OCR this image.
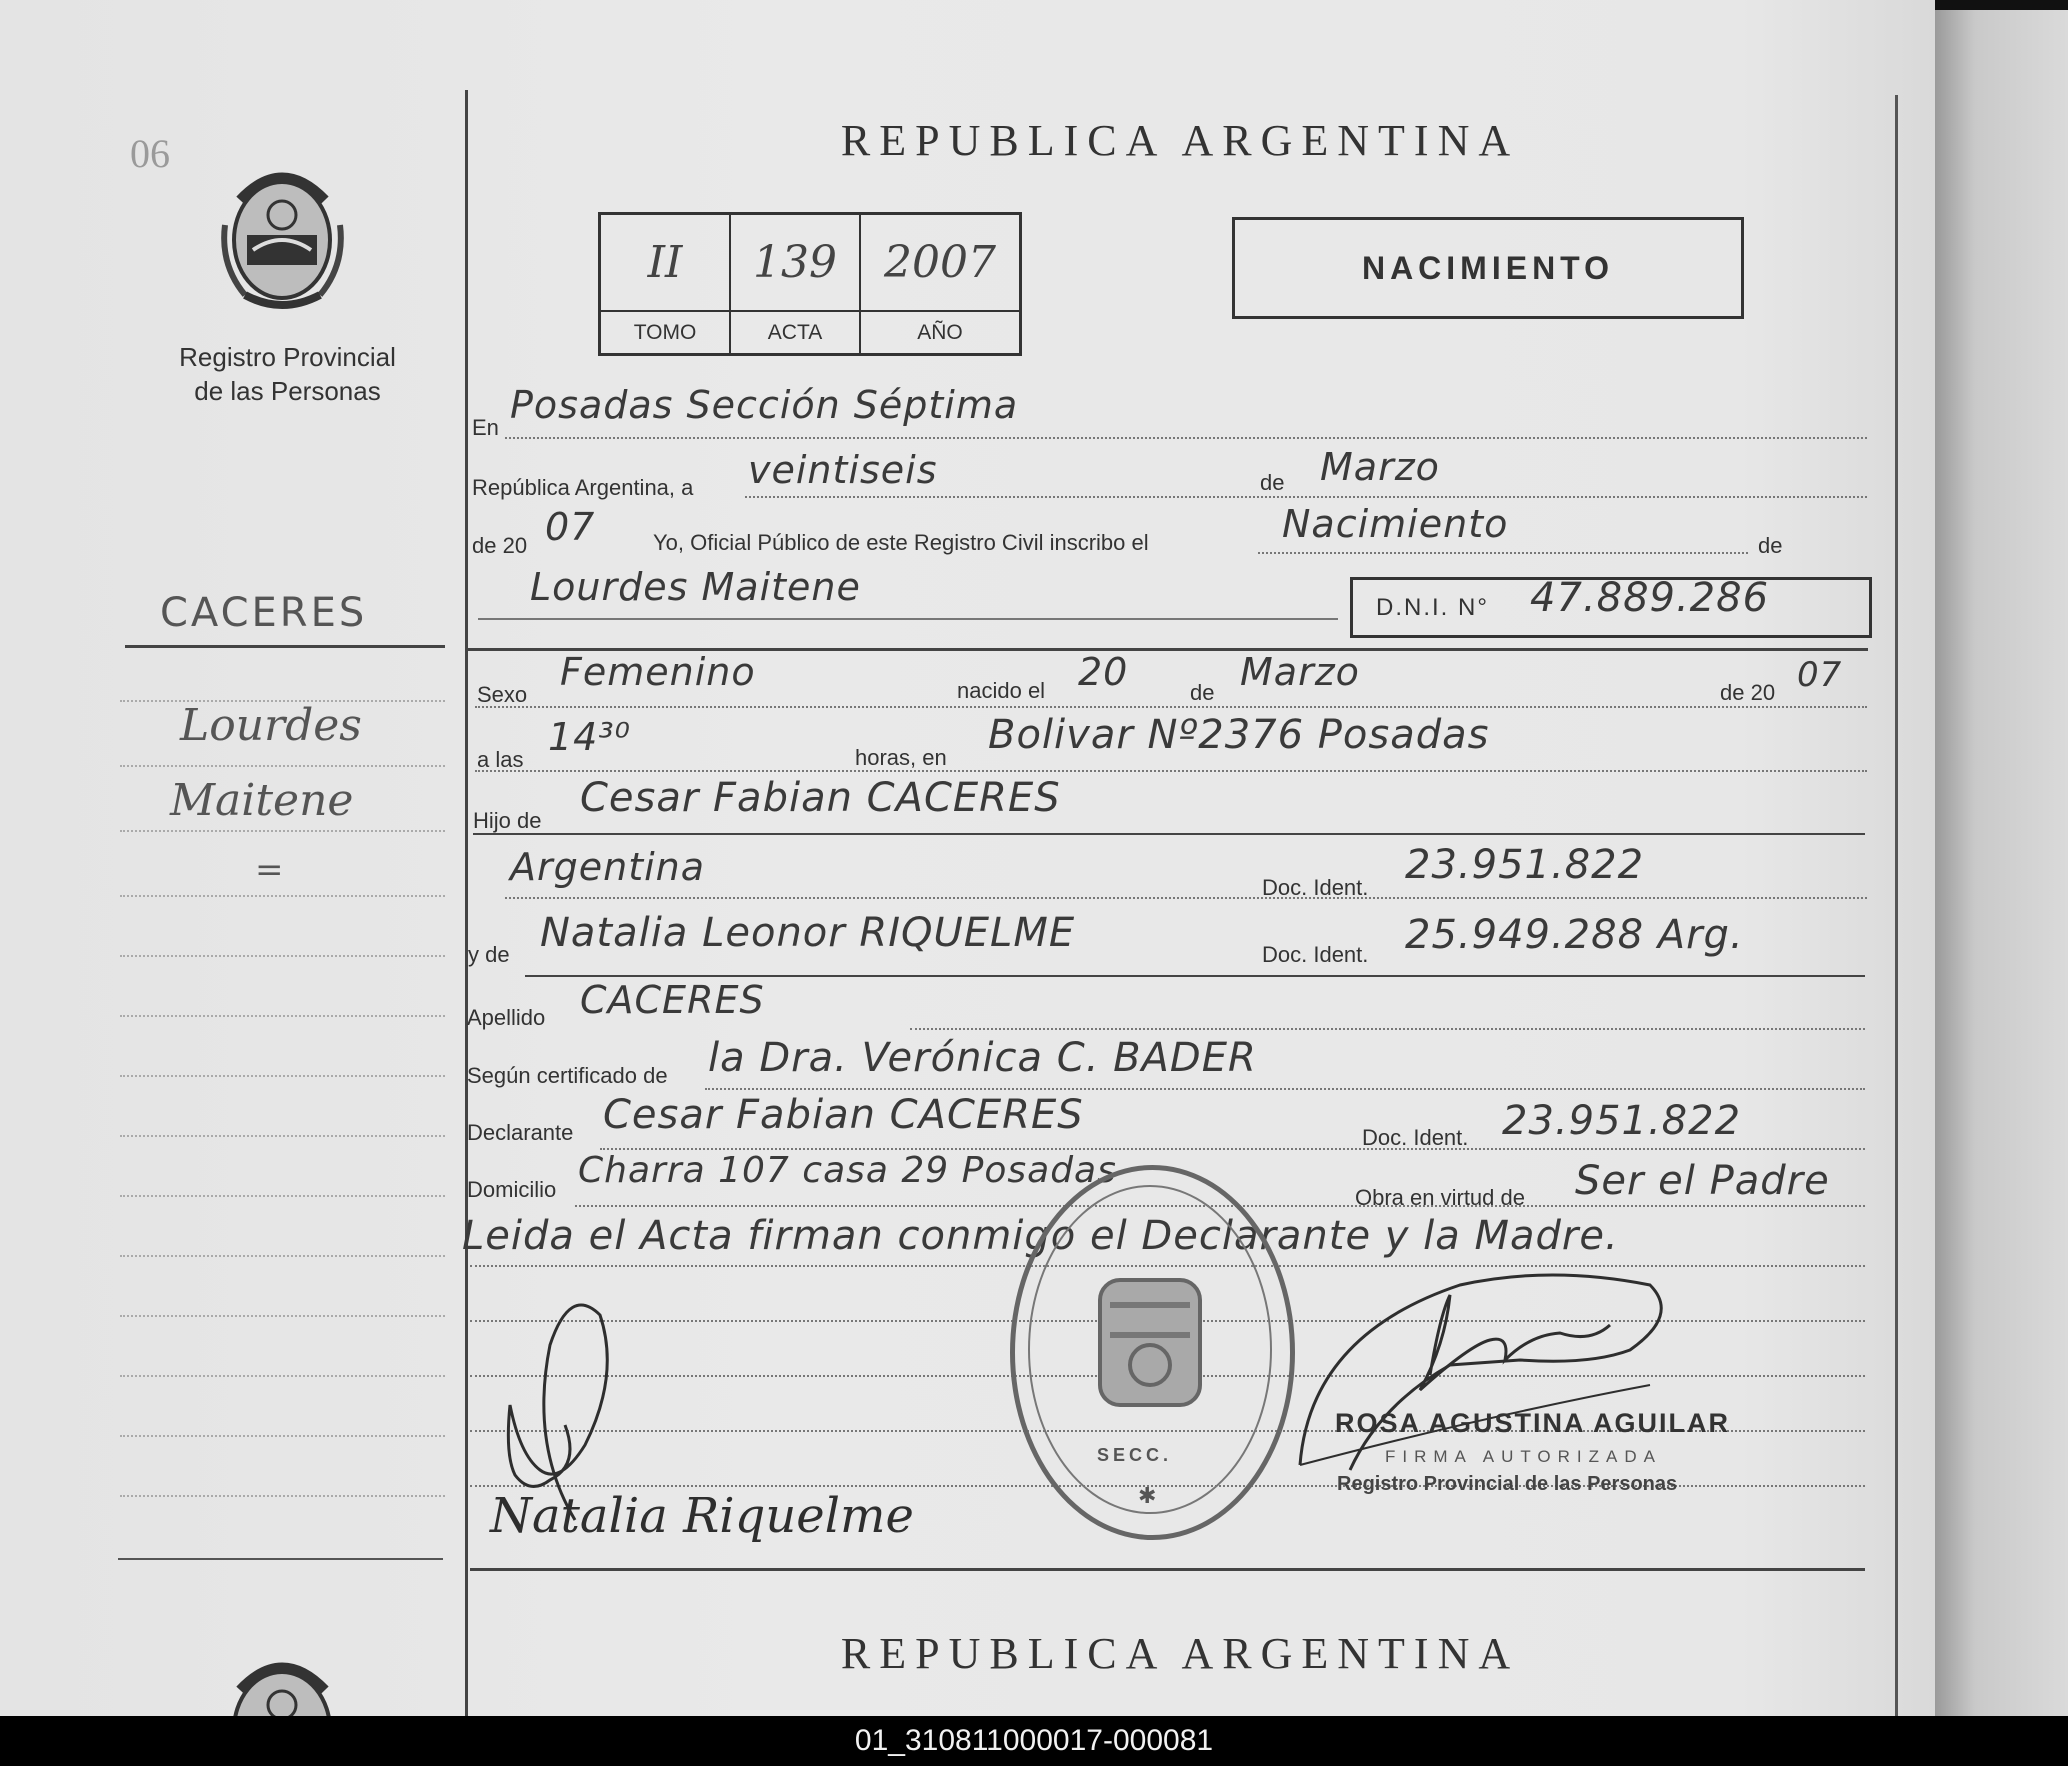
06
Registro Provincial
de las Personas
CACERES
Lourdes
Maitene
=
REPUBLICA ARGENTINA
II	139	2007
TOMO	ACTA	AÑO
NACIMIENTO
En
Posadas Sección Séptima
República Argentina, a veintiseis	de Marzo
de 20 07	Yo, Oficial Público de este Registro Civil inscribo el	Nacimiento	de
Lourdes Maitene	D.N.I. N° 47.889.286
Sexo
Femenino	nacido el 20	de Marzo	de 20 07
a las
14³⁰	horas, en Bolivar Nº2376 Posadas
Hijo de Cesar Fabian CACERES
Argentina	Doc. Ident. 23.951.822
y de Natalia Leonor RIQUELME	Doc. Ident. 25.949.288 Arg.
Apellido CACERES
Según certificado de la Dra. Verónica C. BADER
Declarante Cesar Fabian CACERES	Doc. Ident. 23.951.822
Domicilio Charra 107 casa 29 Posadas
Obra en virtud de Ser el Padre
Leida el Acta firman conmigo el Declarante y la Madre.
SECC.
✱
ROSA AGUSTINA AGUILAR
FIRMA AUTORIZADA
Registro Provincial de las Personas
Natalia Riquelme
REPUBLICA ARGENTINA
01_310811000017-000081
